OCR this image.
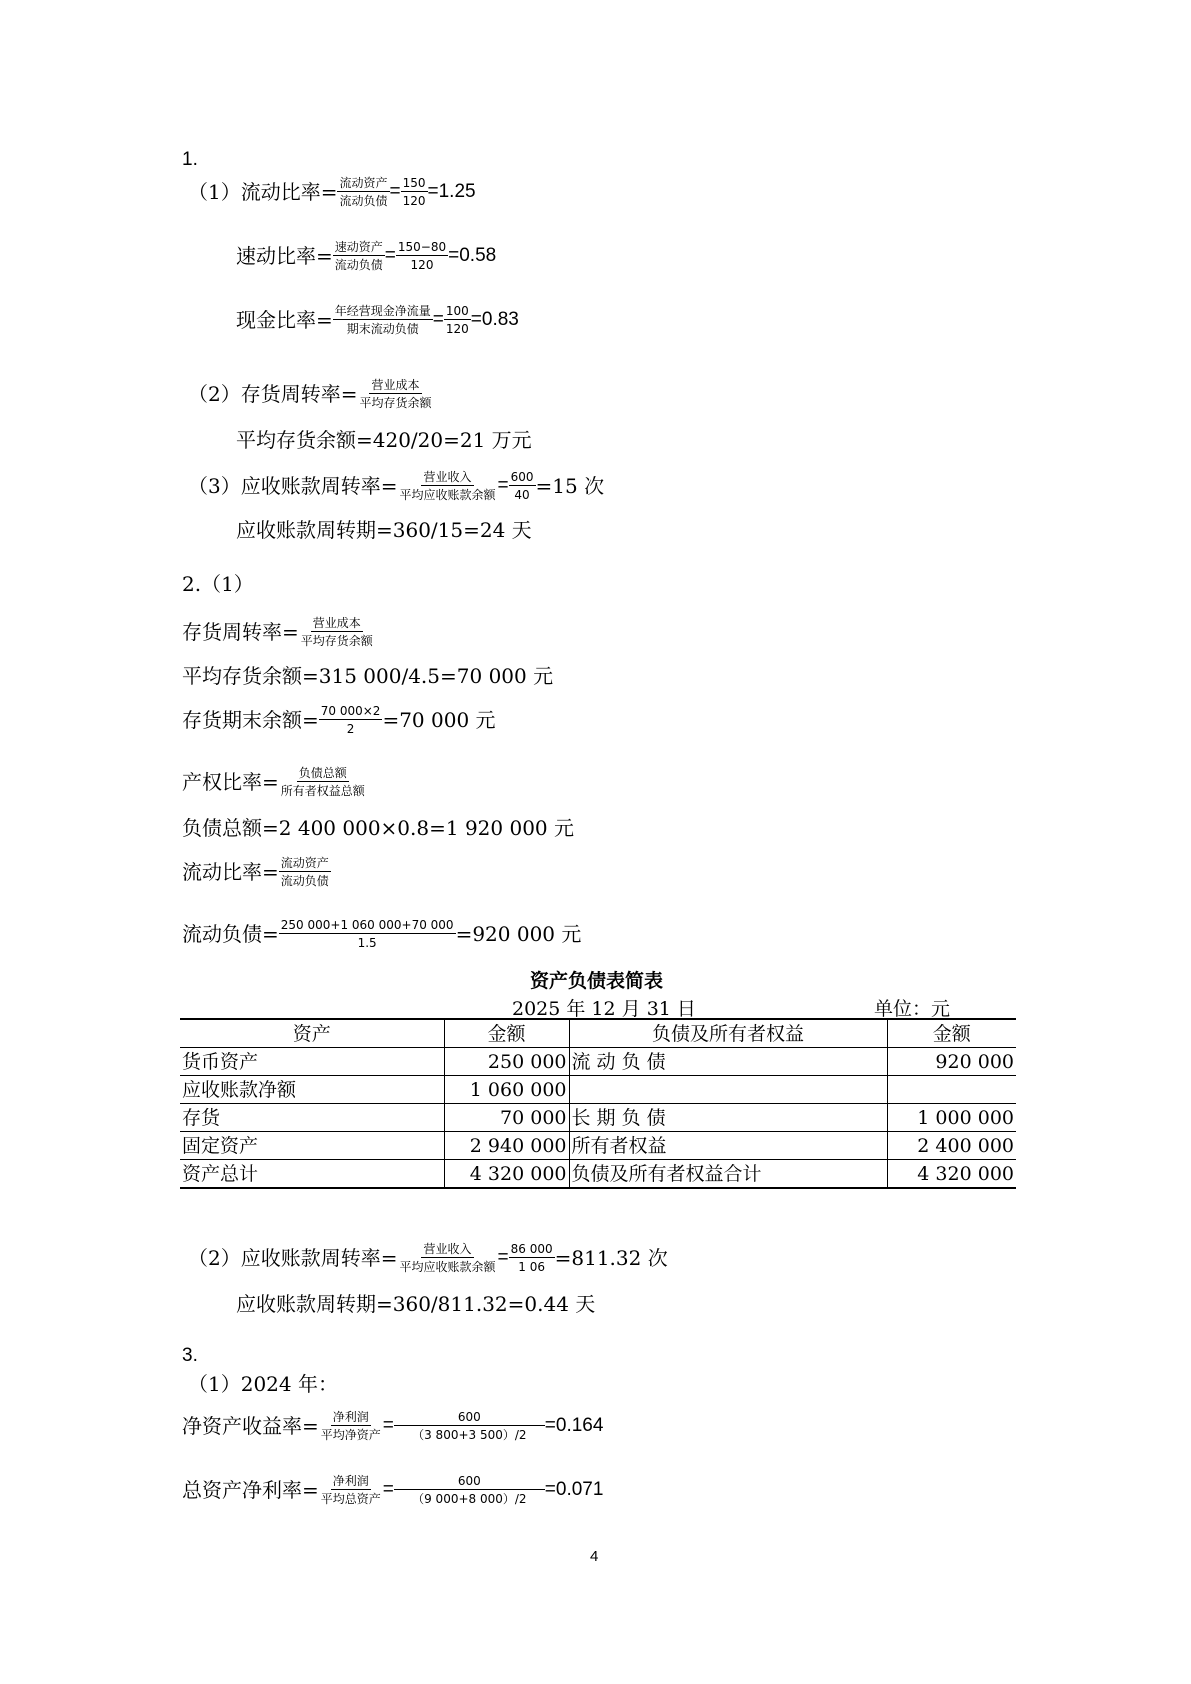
1.
（1）流动比率= 流动资产
流动负债 = $\frac{150}{120} =1.25$
速动比率= 速动资产
流动负债 = $\frac{150-80}{120} =0.58$
现金比率= 年经营现金净流量
期末流动负债 = $\frac{100}{120} =0.83$
（2）存货周转率= 营业成本
平均存货余额
平均存货余额=420/20=21 万元
（3）应收账款周转率= 营业收入
平均应收账款余额 = $\frac{600}{40} =15$ 次
应收账款周转期=360/15=24 天
2.（1）
存货周转率= 营业成本
平均存货余额
平均存货余额=315 000/4.5=70 000 元
存货期末余额= $\frac{70 000\times 2}{2} =70$ 000 元
产权比率= 负债总额
所有者权益总额
负债总额=2 400 000×0.8=1 920 000 元
流动比率= 流动资产
流动负债
流动负债= $\frac{250 000+1 060 000+70 000}{1.5} =920$ 000 元
资产负债表简表
2025 年 12 月 31 日	单位：元
资产	金额	负债及所有者权益	金额
货币资产	250 000	流 动 负 债	920 000
应收账款净额	1 060 000		
存货	70 000	长 期 负 债	1 000 000
固定资产	2 940 000	所有者权益	2 400 000
资产总计	4 320 000	负债及所有者权益合计	4 320 000
（2）应收账款周转率= 营业收入
平均应收账款余额 = $\frac{86 000}{1 06} =811.32$ 次
应收账款周转期=360/811.32=0.44 天
3.
（1）2024 年：
净资产收益率= 净利润
平均净资产 = $\frac{600}{(3 800+3 500)/2} =0.164$
总资产净利率= 净利润
平均总资产 = $\frac{600}{(9 000+8 000)/2} =0.071$
4
